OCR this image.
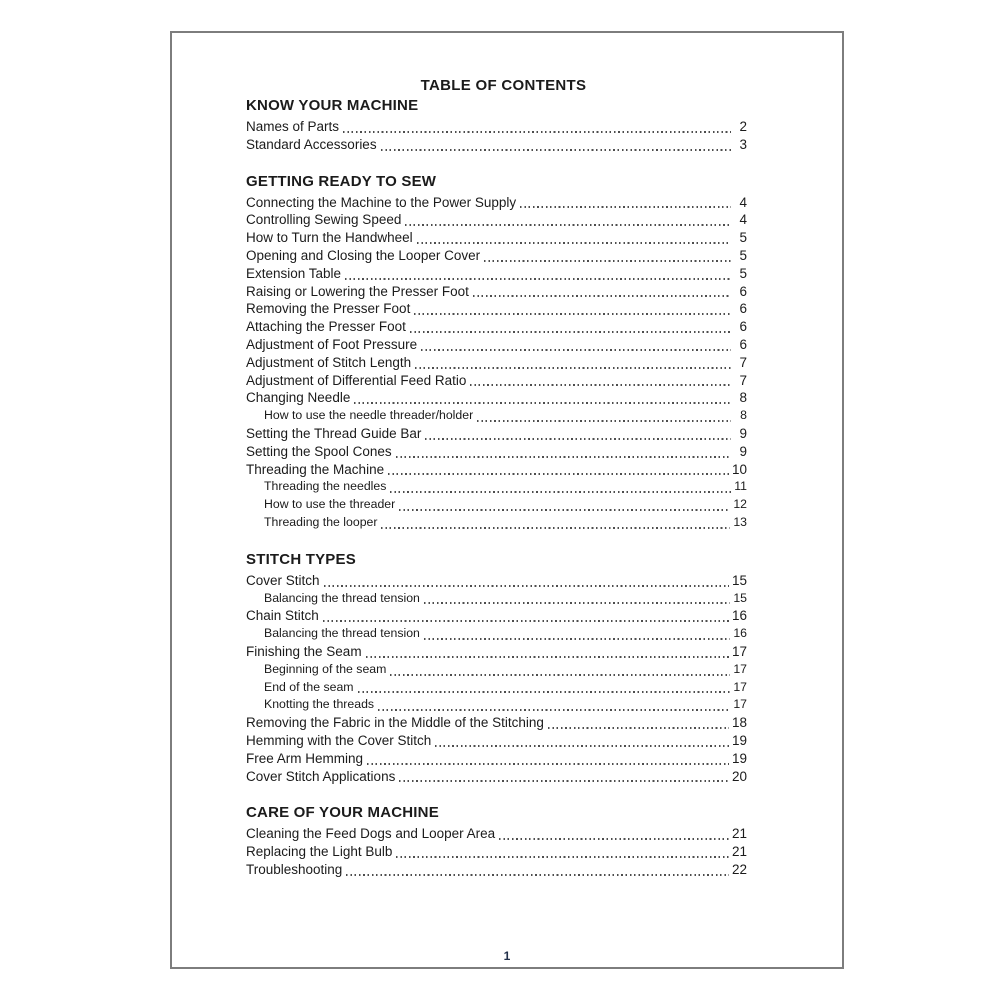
TABLE OF CONTENTS
KNOW YOUR MACHINE
Names of Parts	2
Standard Accessories	3
GETTING READY TO SEW
Connecting the Machine to the Power Supply	4
Controlling Sewing Speed	4
How to Turn the Handwheel	5
Opening and Closing the Looper Cover	5
Extension Table	5
Raising or Lowering the Presser Foot	6
Removing the Presser Foot	6
Attaching the Presser Foot	6
Adjustment of Foot Pressure	6
Adjustment of Stitch Length	7
Adjustment of Differential Feed Ratio	7
Changing Needle	8
How to use the needle threader/holder	8
Setting the Thread Guide Bar	9
Setting the Spool Cones	9
Threading the Machine	10
Threading the needles	11
How to use the threader	12
Threading the looper	13
STITCH TYPES
Cover Stitch	15
Balancing the thread tension	15
Chain Stitch	16
Balancing the thread tension	16
Finishing the Seam	17
Beginning of the seam	17
End of the seam	17
Knotting the threads	17
Removing the Fabric in the Middle of the Stitching	18
Hemming with the Cover Stitch	19
Free Arm Hemming	19
Cover Stitch Applications	20
CARE OF YOUR MACHINE
Cleaning the Feed Dogs and Looper Area	21
Replacing the Light Bulb	21
Troubleshooting	22
1
